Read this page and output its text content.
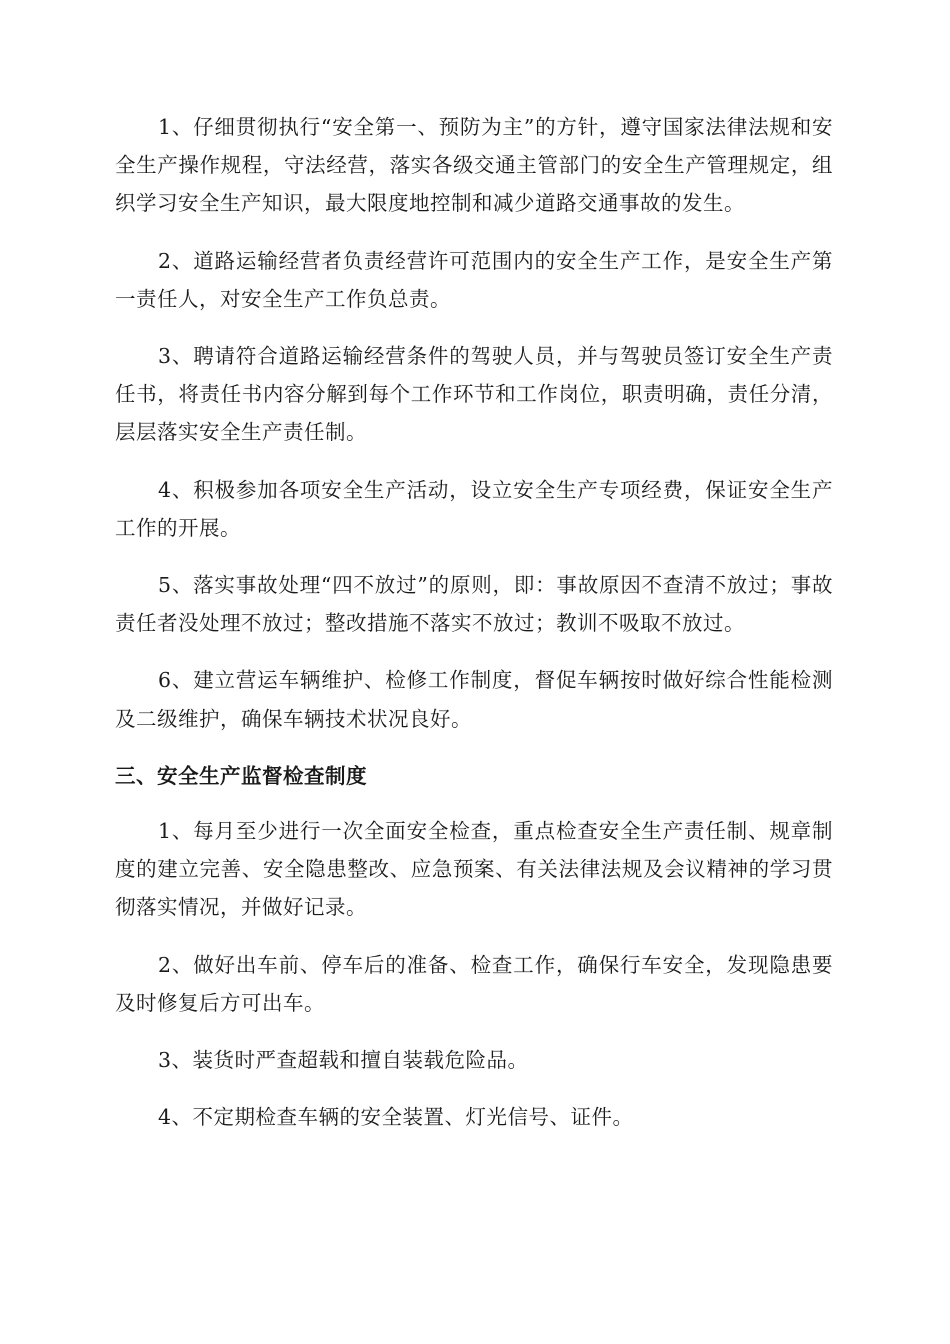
1、仔细贯彻执行“安全第一、预防为主”的方针，遵守国家法律法规和安全生产操作规程，守法经营，落实各级交通主管部门的安全生产管理规定，组织学习安全生产知识，最大限度地控制和减少道路交通事故的发生。

2、道路运输经营者负责经营许可范围内的安全生产工作，是安全生产第一责任人，对安全生产工作负总责。

3、聘请符合道路运输经营条件的驾驶人员，并与驾驶员签订安全生产责任书，将责任书内容分解到每个工作环节和工作岗位，职责明确，责任分清，层层落实安全生产责任制。

4、积极参加各项安全生产活动，设立安全生产专项经费，保证安全生产工作的开展。

5、落实事故处理“四不放过”的原则，即：事故原因不查清不放过；事故责任者没处理不放过；整改措施不落实不放过；教训不吸取不放过。

6、建立营运车辆维护、检修工作制度，督促车辆按时做好综合性能检测及二级维护，确保车辆技术状况良好。

三、安全生产监督检查制度

1、每月至少进行一次全面安全检查，重点检查安全生产责任制、规章制度的建立完善、安全隐患整改、应急预案、有关法律法规及会议精神的学习贯彻落实情况，并做好记录。

2、做好出车前、停车后的准备、检查工作，确保行车安全，发现隐患要及时修复后方可出车。

3、装货时严查超载和擅自装载危险品。

4、不定期检查车辆的安全装置、灯光信号、证件。
